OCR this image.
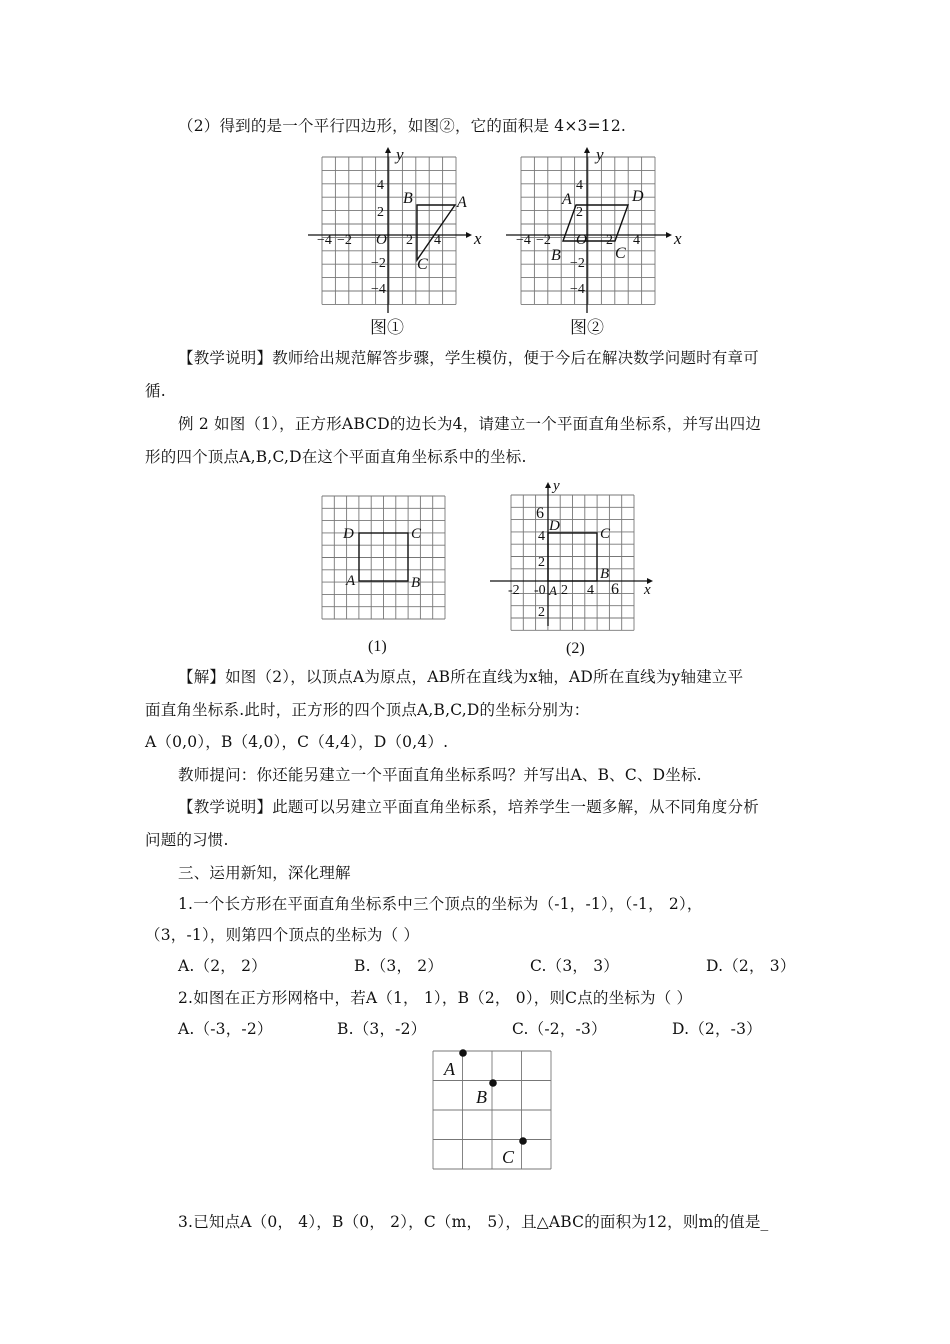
（2）得到的是一个平行四边形，如图②，它的面积是 4×3=12.
【教学说明】教师给出规范解答步骤，学生模仿，便于今后在解决数学问题时有章可
循.
例 2 如图（1），正方形ABCD的边长为4，请建立一个平面直角坐标系，并写出四边
形的四个顶点A,B,C,D在这个平面直角坐标系中的坐标.
【解】如图（2），以顶点A为原点，AB所在直线为x轴，AD所在直线为y轴建立平
面直角坐标系.此时，正方形的四个顶点A,B,C,D的坐标分别为：
A（0,0），B（4,0），C（4,4），D（0,4）.
教师提问：你还能另建立一个平面直角坐标系吗？并写出A、B、C、D坐标.
【教学说明】此题可以另建立平面直角坐标系，培养学生一题多解，从不同角度分析
问题的习惯.
三、运用新知，深化理解
1.一个长方形在平面直角坐标系中三个顶点的坐标为（-1，-1），（-1， 2），
（3，-1），则第四个顶点的坐标为（ ）
A.（2， 2）	B.（3， 2）	C.（3， 3）	D.（2， 3）
2.如图在正方形网格中，若A（1， 1），B（2， 0），则C点的坐标为（ ）
A.（-3，-2）	B.（3，-2）	C.（-2，-3）	D.（2，-3）
3.已知点A（0， 4），B（0， 2），C（m， 5），且△ABC的面积为12，则m的值是_
x
y
O
−4 −2	2 4
4
2
−2
−4
B	A
C
图①
x
y
O
−4 −2	2 4
4
2
−2
−4
A	D
B	C
图②
D	C
A	B
(1)
x
y
6
4
2
2
-2 -0 2 4 6
D	C
A
B
(2)
A
B
C
